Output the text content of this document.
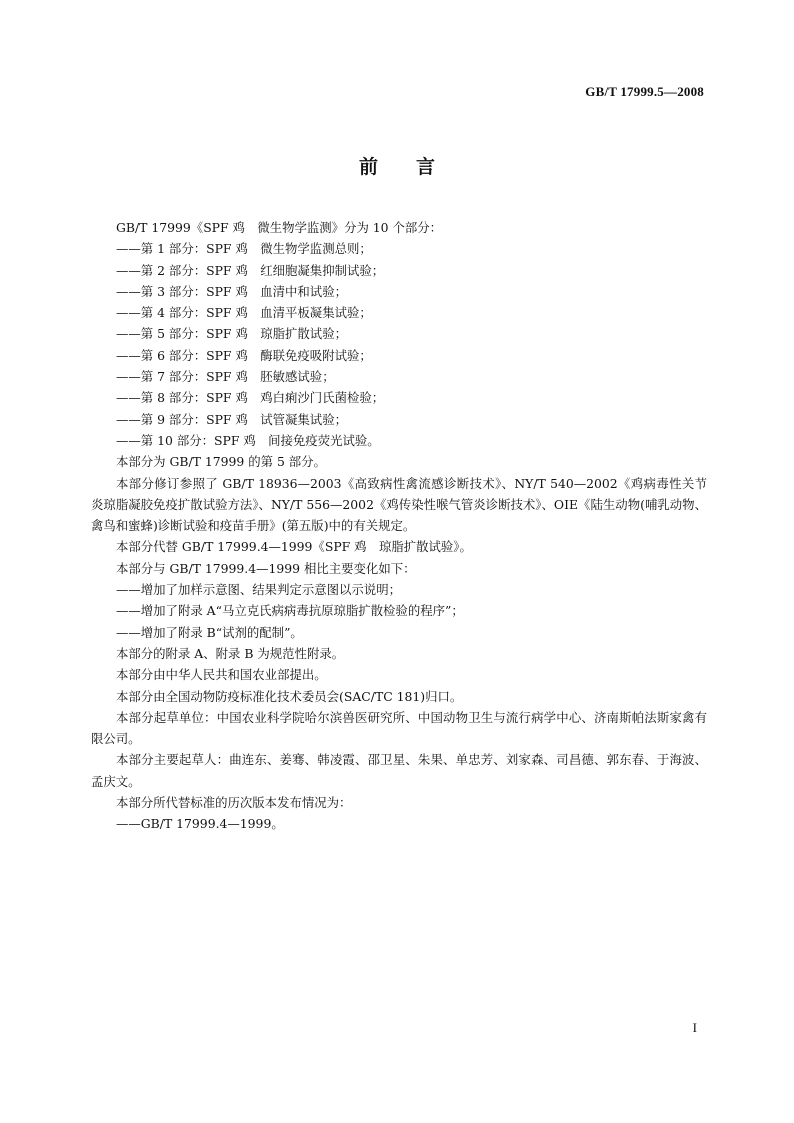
GB/T 17999.5—2008
前言

GB/T 17999《SPF 鸡　微生物学监测》分为 10 个部分：

——第 1 部分：SPF 鸡　微生物学监测总则；

——第 2 部分：SPF 鸡　红细胞凝集抑制试验；

——第 3 部分：SPF 鸡　血清中和试验；

——第 4 部分：SPF 鸡　血清平板凝集试验；

——第 5 部分：SPF 鸡　琼脂扩散试验；

——第 6 部分：SPF 鸡　酶联免疫吸附试验；

——第 7 部分：SPF 鸡　胚敏感试验；

——第 8 部分：SPF 鸡　鸡白痢沙门氏菌检验；

——第 9 部分：SPF 鸡　试管凝集试验；

——第 10 部分：SPF 鸡　间接免疫荧光试验。

本部分为 GB/T 17999 的第 5 部分。

本部分修订参照了 GB/T 18936—2003《高致病性禽流感诊断技术》、NY/T 540—2002《鸡病毒性关节炎琼脂凝胶免疫扩散试验方法》、NY/T 556—2002《鸡传染性喉气管炎诊断技术》、OIE《陆生动物(哺乳动物、禽鸟和蜜蜂)诊断试验和疫苗手册》(第五版)中的有关规定。

本部分代替 GB/T 17999.4—1999《SPF 鸡　琼脂扩散试验》。

本部分与 GB/T 17999.4—1999 相比主要变化如下：

——增加了加样示意图、结果判定示意图以示说明；

——增加了附录 A“马立克氏病病毒抗原琼脂扩散检验的程序”；

——增加了附录 B“试剂的配制”。

本部分的附录 A、附录 B 为规范性附录。

本部分由中华人民共和国农业部提出。

本部分由全国动物防疫标准化技术委员会(SAC/TC 181)归口。

本部分起草单位：中国农业科学院哈尔滨兽医研究所、中国动物卫生与流行病学中心、济南斯帕法斯家禽有限公司。

本部分主要起草人：曲连东、姜骞、韩凌霞、邵卫星、朱果、单忠芳、刘家森、司昌德、郭东春、于海波、孟庆文。

本部分所代替标准的历次版本发布情况为：

——GB/T 17999.4—1999。

I
